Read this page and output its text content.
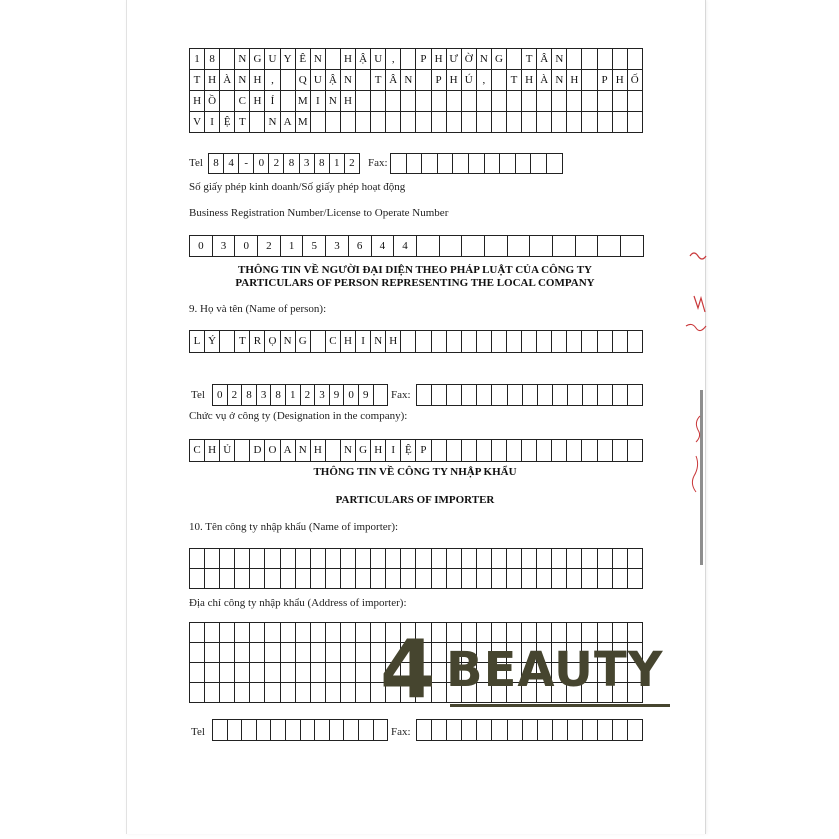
1 8	N G U Y Ê N	H Ậ U ,	P H Ư Ờ N G	T Â N
T H À N H ,	Q U Ậ N	T Â N	P H Ú ,	T H À N H	P H Ố
H Ồ	C H Í	M I N H
V I Ệ T	N A M
Tel 8 4 - 0 2 8 3 8 1 2	Fax:
Số giấy phép kinh doanh/Số giấy phép hoạt động
Business Registration Number/License to Operate Number
0	3	0	2	1	5	3	6	4	4
THÔNG TIN VỀ NGƯỜI ĐẠI DIỆN THEO PHÁP LUẬT CỦA CÔNG TY
PARTICULARS OF PERSON REPRESENTING THE LOCAL COMPANY
9. Họ và tên (Name of person):
L Ý	T R Ọ N G	C H I N H
Tel	0 2 8 3 8 1 2 3 9 0 9	Fax:
Chức vụ ở công ty (Designation in the company):
C H Ủ	D O A N H	N G H I Ệ P
THÔNG TIN VỀ CÔNG TY NHẬP KHẨU
PARTICULARS OF IMPORTER
10. Tên công ty nhập khẩu (Name of importer):
Địa chỉ công ty nhập khẩu (Address of importer):
Tel	Fax:
4 BEAUTY
